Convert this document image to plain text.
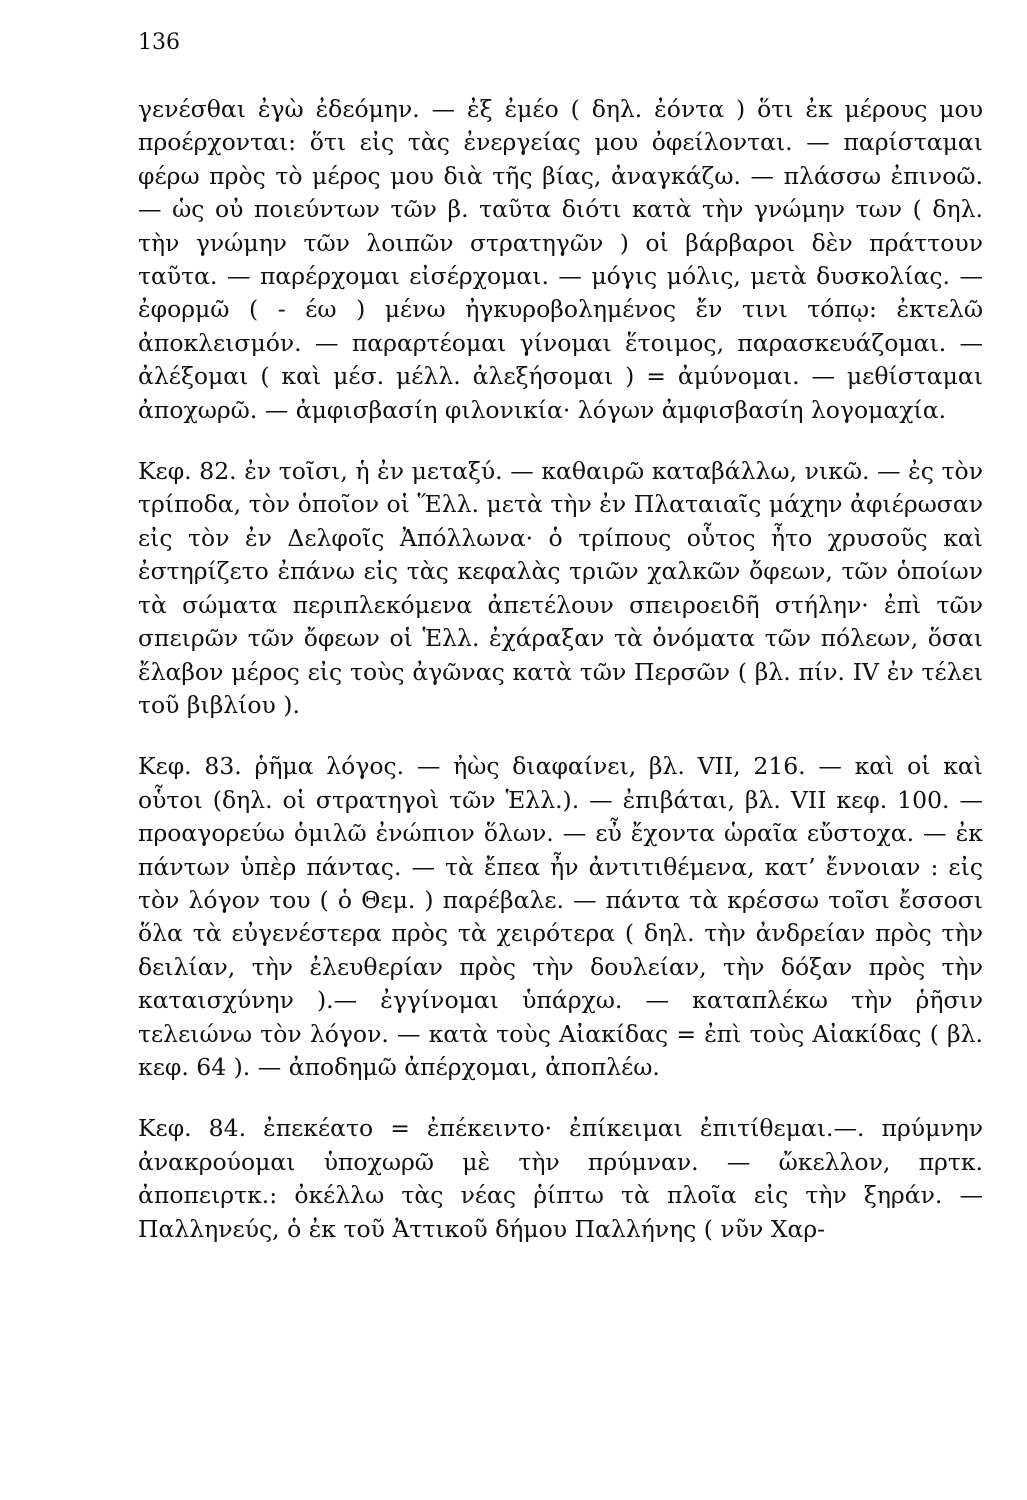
136

γενέσθαι ἐγὼ ἐδεόμην. — ἐξ ἐμέο ( δηλ. ἐόντα ) ὅτι ἐκ μέρους μου προέρχονται: ὅτι εἰς τὰς ἐνεργείας μου ὀφείλονται. — παρίσταμαι φέρω πρὸς τὸ μέρος μου διὰ τῆς βίας, ἀναγκάζω. — πλάσσω ἐπινοῶ. — ὡς οὐ ποιεύντων τῶν β. ταῦτα διότι κατὰ τὴν γνώμην των ( δηλ. τὴν γνώμην τῶν λοιπῶν στρατηγῶν ) οἱ βάρβαροι δὲν πράττουν ταῦτα. — παρέρχομαι εἰσέρχομαι. — μόγις μόλις, μετὰ δυσκολίας. — ἐφορμῶ ( - έω ) μένω ἠγκυροβολημένος ἔν τινι τόπῳ: ἐκτελῶ ἀποκλεισμόν. — παραρτέομαι γίνομαι ἕτοιμος, παρασκευάζομαι. — ἀλέξομαι ( καὶ μέσ. μέλλ. ἀλεξήσομαι ) = ἀμύνομαι. — μεθίσταμαι ἀποχωρῶ. — ἀμφισβασίη φιλονικία· λόγων ἀμφισβασίη λογομαχία.

Κεφ. 82. ἐν τοῖσι, ἡ ἐν μεταξύ. — καθαιρῶ καταβάλλω, νικῶ. — ἐς τὸν τρίποδα, τὸν ὁποῖον οἱ Ἕλλ. μετὰ τὴν ἐν Πλαταιαῖς μάχην ἀφιέρωσαν εἰς τὸν ἐν Δελφοῖς Ἀπόλλωνα· ὁ τρίπους οὗτος ἦτο χρυσοῦς καὶ ἐστηρίζετο ἐπάνω εἰς τὰς κεφαλὰς τριῶν χαλκῶν ὄφεων, τῶν ὁποίων τὰ σώματα περιπλεκόμενα ἀπετέλουν σπειροειδῆ στήλην· ἐπὶ τῶν σπειρῶν τῶν ὄφεων οἱ Ἑλλ. ἐχάραξαν τὰ ὀνόματα τῶν πόλεων, ὅσαι ἔλαβον μέρος εἰς τοὺς ἀγῶνας κατὰ τῶν Περσῶν ( βλ. πίν. IV ἐν τέλει τοῦ βιβλίου ).

Κεφ. 83. ῥῆμα λόγος. — ἠὼς διαφαίνει, βλ. VII, 216. — καὶ οἱ καὶ οὗτοι (δηλ. οἱ στρατηγοὶ τῶν Ἑλλ.). — ἐπιβάται, βλ. VII κεφ. 100. — προαγορεύω ὁμιλῶ ἐνώπιον ὅλων. — εὖ ἔχοντα ὡραῖα εὔστοχα. — ἐκ πάντων ὑπὲρ πάντας. — τὰ ἔπεα ἦν ἀντιτιθέμενα, κατ’ ἔννοιαν : εἰς τὸν λόγον του ( ὁ Θεμ. ) παρέβαλε. — πάντα τὰ κρέσσω τοῖσι ἔσσοσι ὅλα τὰ εὐγενέστερα πρὸς τὰ χειρότερα ( δηλ. τὴν ἀνδρείαν πρὸς τὴν δειλίαν, τὴν ἐλευθερίαν πρὸς τὴν δουλείαν, τὴν δόξαν πρὸς τὴν καταισχύνην ).— ἐγγίνομαι ὑπάρχω. — καταπλέκω τὴν ῥῆσιν τελειώνω τὸν λόγον. — κατὰ τοὺς Αἰακίδας = ἐπὶ τοὺς Αἰακίδας ( βλ. κεφ. 64 ). — ἀποδημῶ ἀπέρχομαι, ἀποπλέω.

Κεφ. 84. ἐπεκέατο = ἐπέκειντο· ἐπίκειμαι ἐπιτίθεμαι.—. πρύμνην ἀνακρούομαι ὑποχωρῶ μὲ τὴν πρύμναν. — ὤκελλον, πρτκ. ἀποπειρτκ.: ὀκέλλω τὰς νέας ῥίπτω τὰ πλοῖα εἰς τὴν ξηράν. — Παλληνεύς, ὁ ἐκ τοῦ Ἀττικοῦ δήμου Παλλήνης ( νῦν Χαρ-
